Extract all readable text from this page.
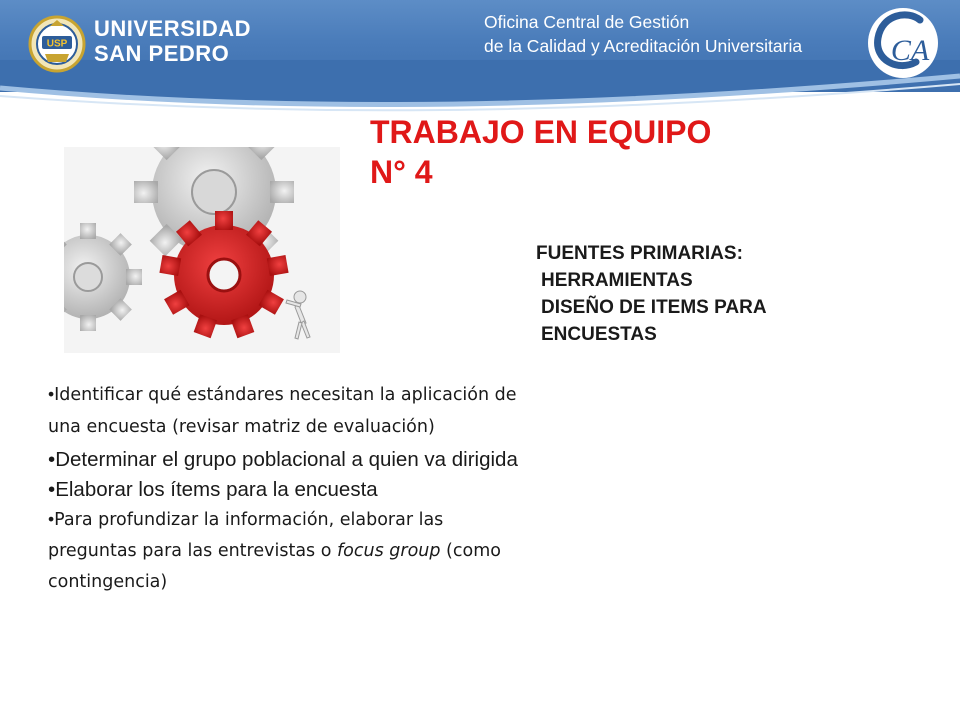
USP
UNIVERSIDAD
SAN PEDRO
Oficina Central de Gestión
de la Calidad y Acreditación Universitaria	CA
TRABAJO EN EQUIPO
N° 4
FUENTES PRIMARIAS:
HERRAMIENTAS
DISEÑO DE ITEMS PARA
ENCUESTAS
•Identificar qué estándares necesitan la aplicación de una encuesta (revisar matriz de evaluación)
•Determinar el grupo poblacional a quien va dirigida
•Elaborar los ítems para la encuesta
•Para profundizar la información, elaborar las preguntas para las entrevistas o focus group (como contingencia)
